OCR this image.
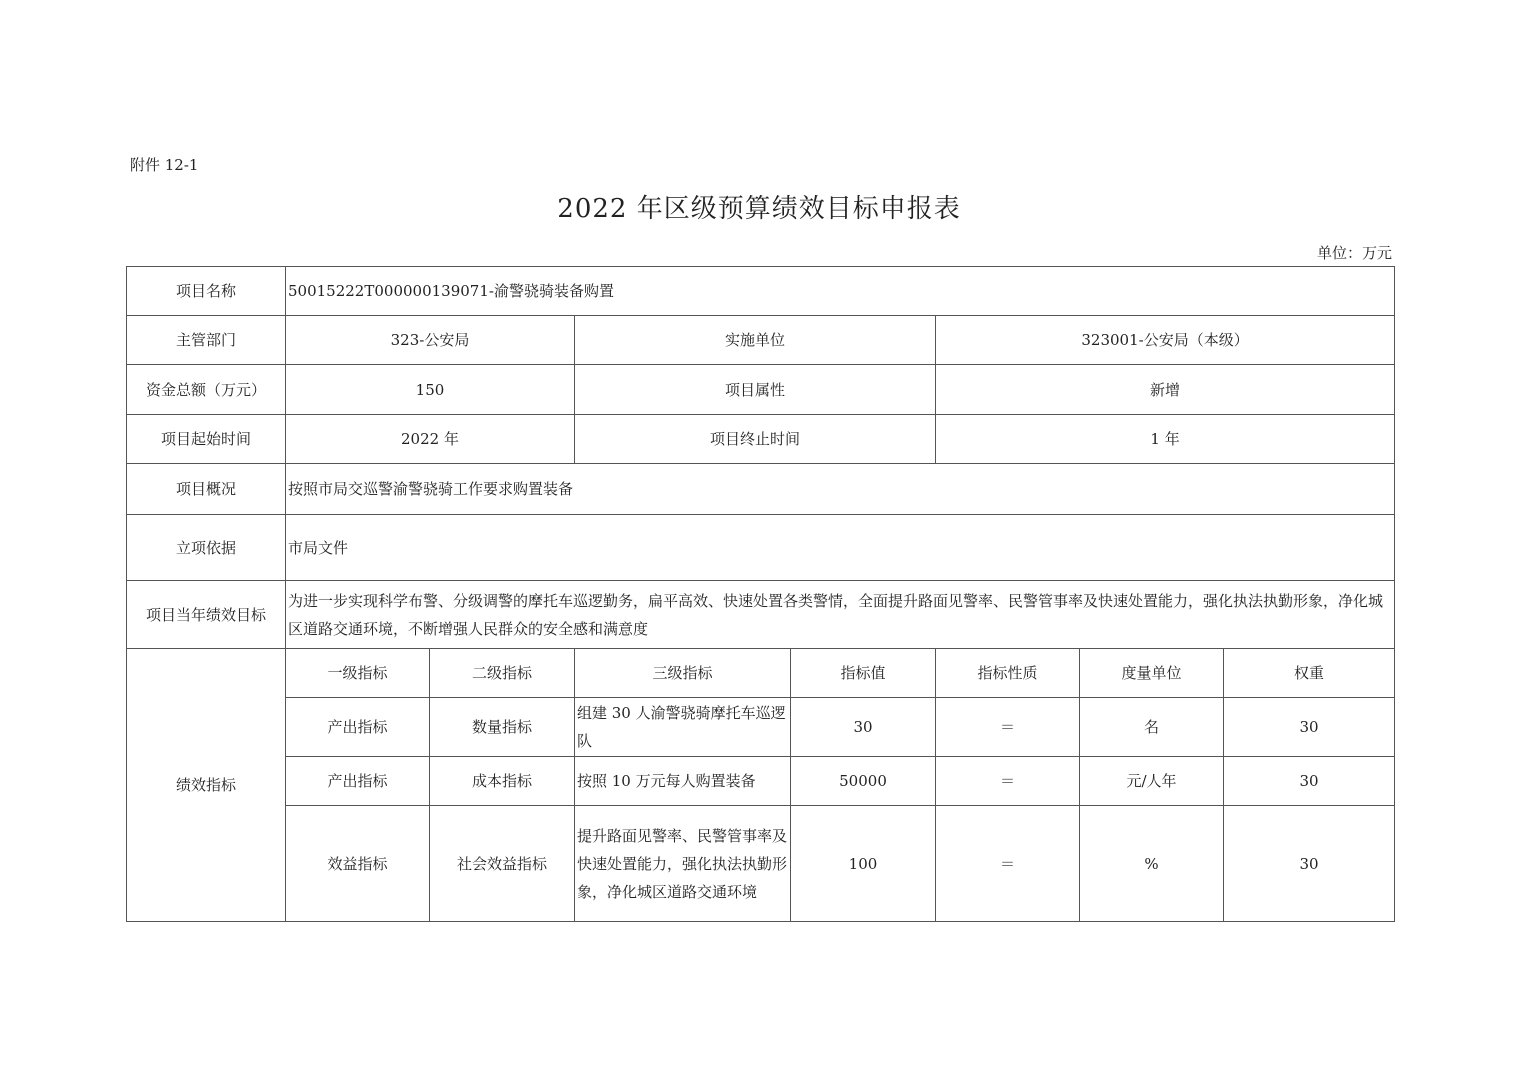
附件 12-1
2022 年区级预算绩效目标申报表
单位：万元
项目名称	50015222T000000139071-渝警骁骑装备购置						
主管部门	323-公安局		实施单位		323001-公安局（本级）		
资金总额（万元）	150		项目属性		新增		
项目起始时间	2022 年		项目终止时间		1 年		
项目概况	按照市局交巡警渝警骁骑工作要求购置装备						
立项依据	市局文件						
项目当年绩效目标	为进一步实现科学布警、分级调警的摩托车巡逻勤务，扁平高效、快速处置各类警情，全面提升路面见警率、民警管事率及快速处置能力，强化执法执勤形象，净化城区道路交通环境，不断增强人民群众的安全感和满意度						
绩效指标	一级指标	二级指标	三级指标	指标值	指标性质	度量单位	权重
	产出指标	数量指标	组建 30 人渝警骁骑摩托车巡逻队	30	＝	名	30
	产出指标	成本指标	按照 10 万元每人购置装备	50000	＝	元/人年	30
	效益指标	社会效益指标	提升路面见警率、民警管事率及快速处置能力，强化执法执勤形象，净化城区道路交通环境	100	＝	%	30
